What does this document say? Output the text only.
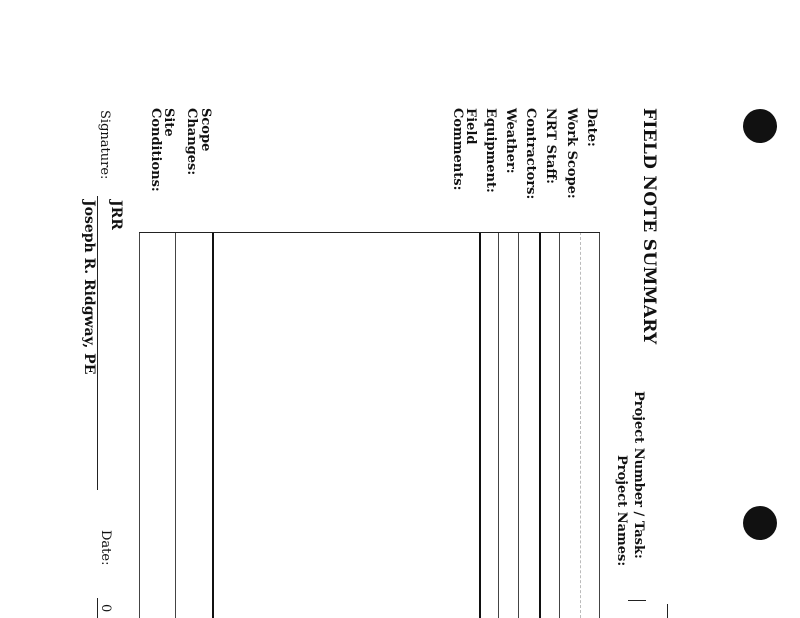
FIELD NOTE SUMMARY
Project Number / Task:
Project Names:
Date:
Work Scope:
NRT Staff:
Contractors:
Weather:
Equipment:
Field
Comments:
Scope
Changes:
Site
Conditions:
JRR
Signature:
Joseph R. Ridgway, PE
Date:
0
